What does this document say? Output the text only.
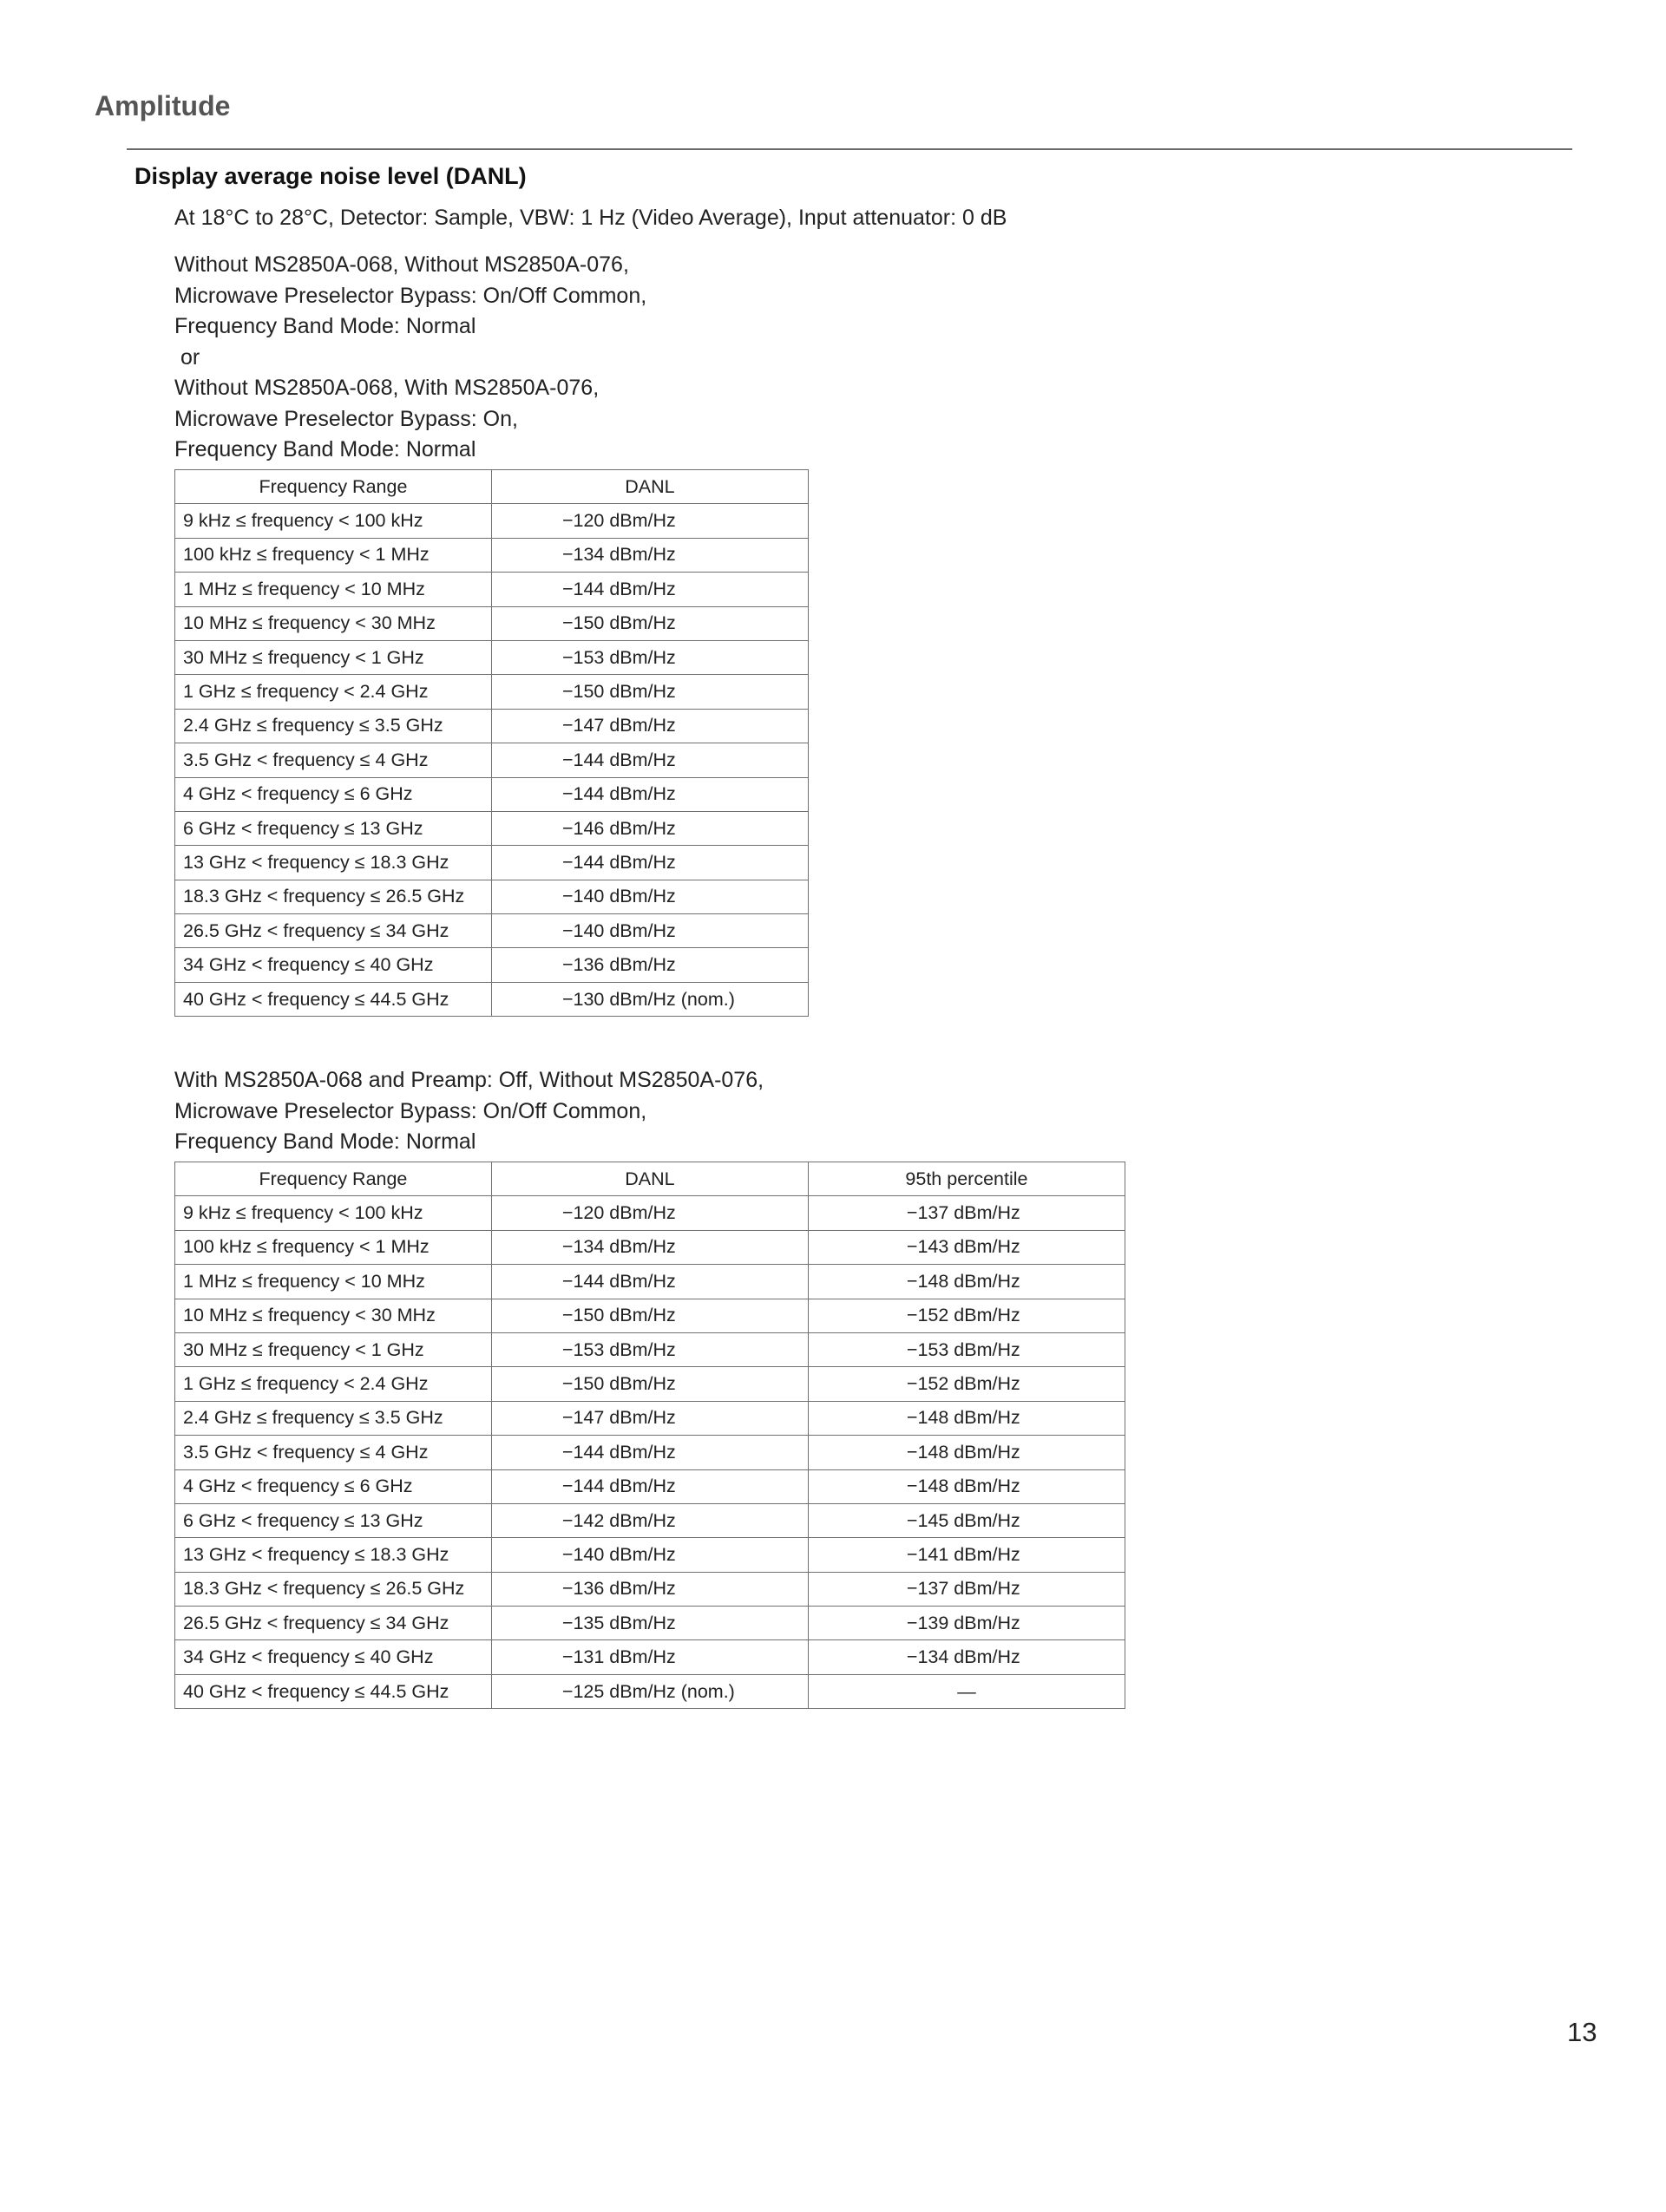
Amplitude
Display average noise level (DANL)

At 18°C to 28°C, Detector: Sample, VBW: 1 Hz (Video Average), Input attenuator: 0 dB

Without MS2850A-068, Without MS2850A-076,
Microwave Preselector Bypass: On/Off Common,
Frequency Band Mode: Normal
or
Without MS2850A-068, With MS2850A-076,
Microwave Preselector Bypass: On,
Frequency Band Mode: Normal
Frequency Range	DANL
9 kHz ≤ frequency < 100 kHz	−120 dBm/Hz
100 kHz ≤ frequency < 1 MHz	−134 dBm/Hz
1 MHz ≤ frequency < 10 MHz	−144 dBm/Hz
10 MHz ≤ frequency < 30 MHz	−150 dBm/Hz
30 MHz ≤ frequency < 1 GHz	−153 dBm/Hz
1 GHz ≤ frequency < 2.4 GHz	−150 dBm/Hz
2.4 GHz ≤ frequency ≤ 3.5 GHz	−147 dBm/Hz
3.5 GHz < frequency ≤ 4 GHz	−144 dBm/Hz
4 GHz < frequency ≤ 6 GHz	−144 dBm/Hz
6 GHz < frequency ≤ 13 GHz	−146 dBm/Hz
13 GHz < frequency ≤ 18.3 GHz	−144 dBm/Hz
18.3 GHz < frequency ≤ 26.5 GHz	−140 dBm/Hz
26.5 GHz < frequency ≤ 34 GHz	−140 dBm/Hz
34 GHz < frequency ≤ 40 GHz	−136 dBm/Hz
40 GHz < frequency ≤ 44.5 GHz	−130 dBm/Hz (nom.)
With MS2850A-068 and Preamp: Off, Without MS2850A-076,
Microwave Preselector Bypass: On/Off Common,
Frequency Band Mode: Normal
Frequency Range	DANL	95th percentile
9 kHz ≤ frequency < 100 kHz	−120 dBm/Hz	−137 dBm/Hz
100 kHz ≤ frequency < 1 MHz	−134 dBm/Hz	−143 dBm/Hz
1 MHz ≤ frequency < 10 MHz	−144 dBm/Hz	−148 dBm/Hz
10 MHz ≤ frequency < 30 MHz	−150 dBm/Hz	−152 dBm/Hz
30 MHz ≤ frequency < 1 GHz	−153 dBm/Hz	−153 dBm/Hz
1 GHz ≤ frequency < 2.4 GHz	−150 dBm/Hz	−152 dBm/Hz
2.4 GHz ≤ frequency ≤ 3.5 GHz	−147 dBm/Hz	−148 dBm/Hz
3.5 GHz < frequency ≤ 4 GHz	−144 dBm/Hz	−148 dBm/Hz
4 GHz < frequency ≤ 6 GHz	−144 dBm/Hz	−148 dBm/Hz
6 GHz < frequency ≤ 13 GHz	−142 dBm/Hz	−145 dBm/Hz
13 GHz < frequency ≤ 18.3 GHz	−140 dBm/Hz	−141 dBm/Hz
18.3 GHz < frequency ≤ 26.5 GHz	−136 dBm/Hz	−137 dBm/Hz
26.5 GHz < frequency ≤ 34 GHz	−135 dBm/Hz	−139 dBm/Hz
34 GHz < frequency ≤ 40 GHz	−131 dBm/Hz	−134 dBm/Hz
40 GHz < frequency ≤ 44.5 GHz	−125 dBm/Hz (nom.)	—

13
